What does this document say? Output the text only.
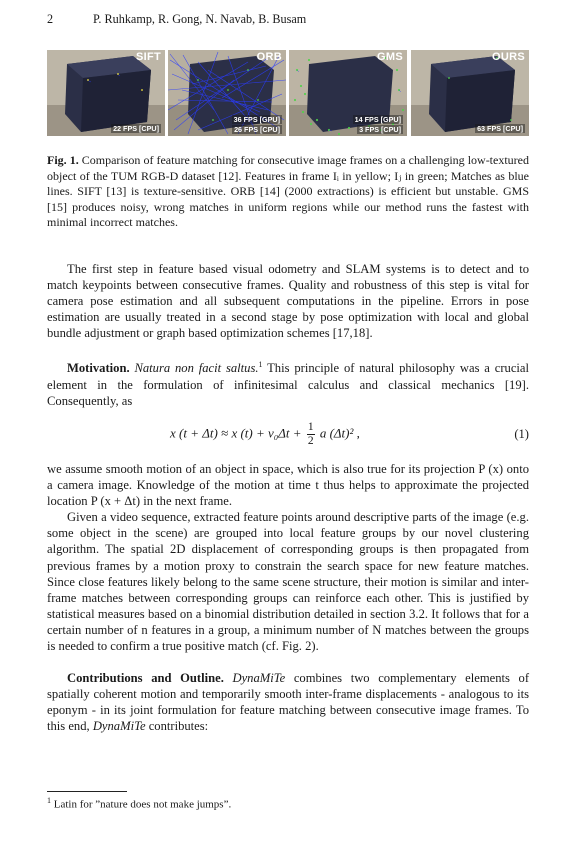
2	P. Ruhkamp, R. Gong, N. Navab, B. Busam
SIFT
22 FPS [CPU]
ORB
36 FPS [GPU]
26 FPS [CPU]
GMS
14 FPS [GPU]
3 FPS [CPU]
OURS
63 FPS [CPU]
Fig. 1. Comparison of feature matching for consecutive image frames on a challenging low-textured object of the TUM RGB-D dataset [12]. Features in frame Iᵢ in yellow; Iⱼ in green; Matches as blue lines. SIFT [13] is texture-sensitive. ORB [14] (2000 extractions) is efficient but unstable. GMS [15] produces noisy, wrong matches in uniform regions while our method runs the fastest with minimal incorrect matches.

The first step in feature based visual odometry and SLAM systems is to detect and to match keypoints between consecutive frames. Quality and robustness of this step is vital for camera pose estimation and all subsequent computations in the pipeline. Errors in pose estimation are usually treated in a second stage by pose optimization with local and global bundle adjustment or graph based optimization schemes [17,18].

Motivation. Natura non facit saltus.$^1$ This principle of natural philosophy was a crucial element in the formulation of infinitesimal calculus and classical mechanics [19]. Consequently, as

x (t + Δt) ≈ x $(t) + v_0\Delta t + \frac{1}{2}$ a (Δt)² ,	(1)

we assume smooth motion of an object in space, which is also true for its projection P (x) onto a camera image. Knowledge of the motion at time t thus helps to approximate the projected location P (x + Δt) in the next frame.

Given a video sequence, extracted feature points around descriptive parts of the image (e.g. some object in the scene) are grouped into local feature groups by our novel clustering algorithm. The spatial 2D displacement of corresponding groups is then propagated from previous frames by a motion proxy to constrain the search space for new feature matches. Since close features likely belong to the same scene structure, their motion is similar and inter-frame matches between corresponding groups can reinforce each other. This is justified by statistical measures based on a binomial distribution detailed in section 3.2. It follows that for a certain number of n features in a group, a minimum number of N matches between the groups is needed to confirm a true positive match (cf. Fig. 2).

Contributions and Outline. DynaMiTe combines two complementary elements of spatially coherent motion and temporarily smooth inter-frame displacements - analogous to its eponym - in its joint formulation for feature matching between consecutive image frames. To this end, DynaMiTe contributes:

$^1$ Latin for ”nature does not make jumps”.
